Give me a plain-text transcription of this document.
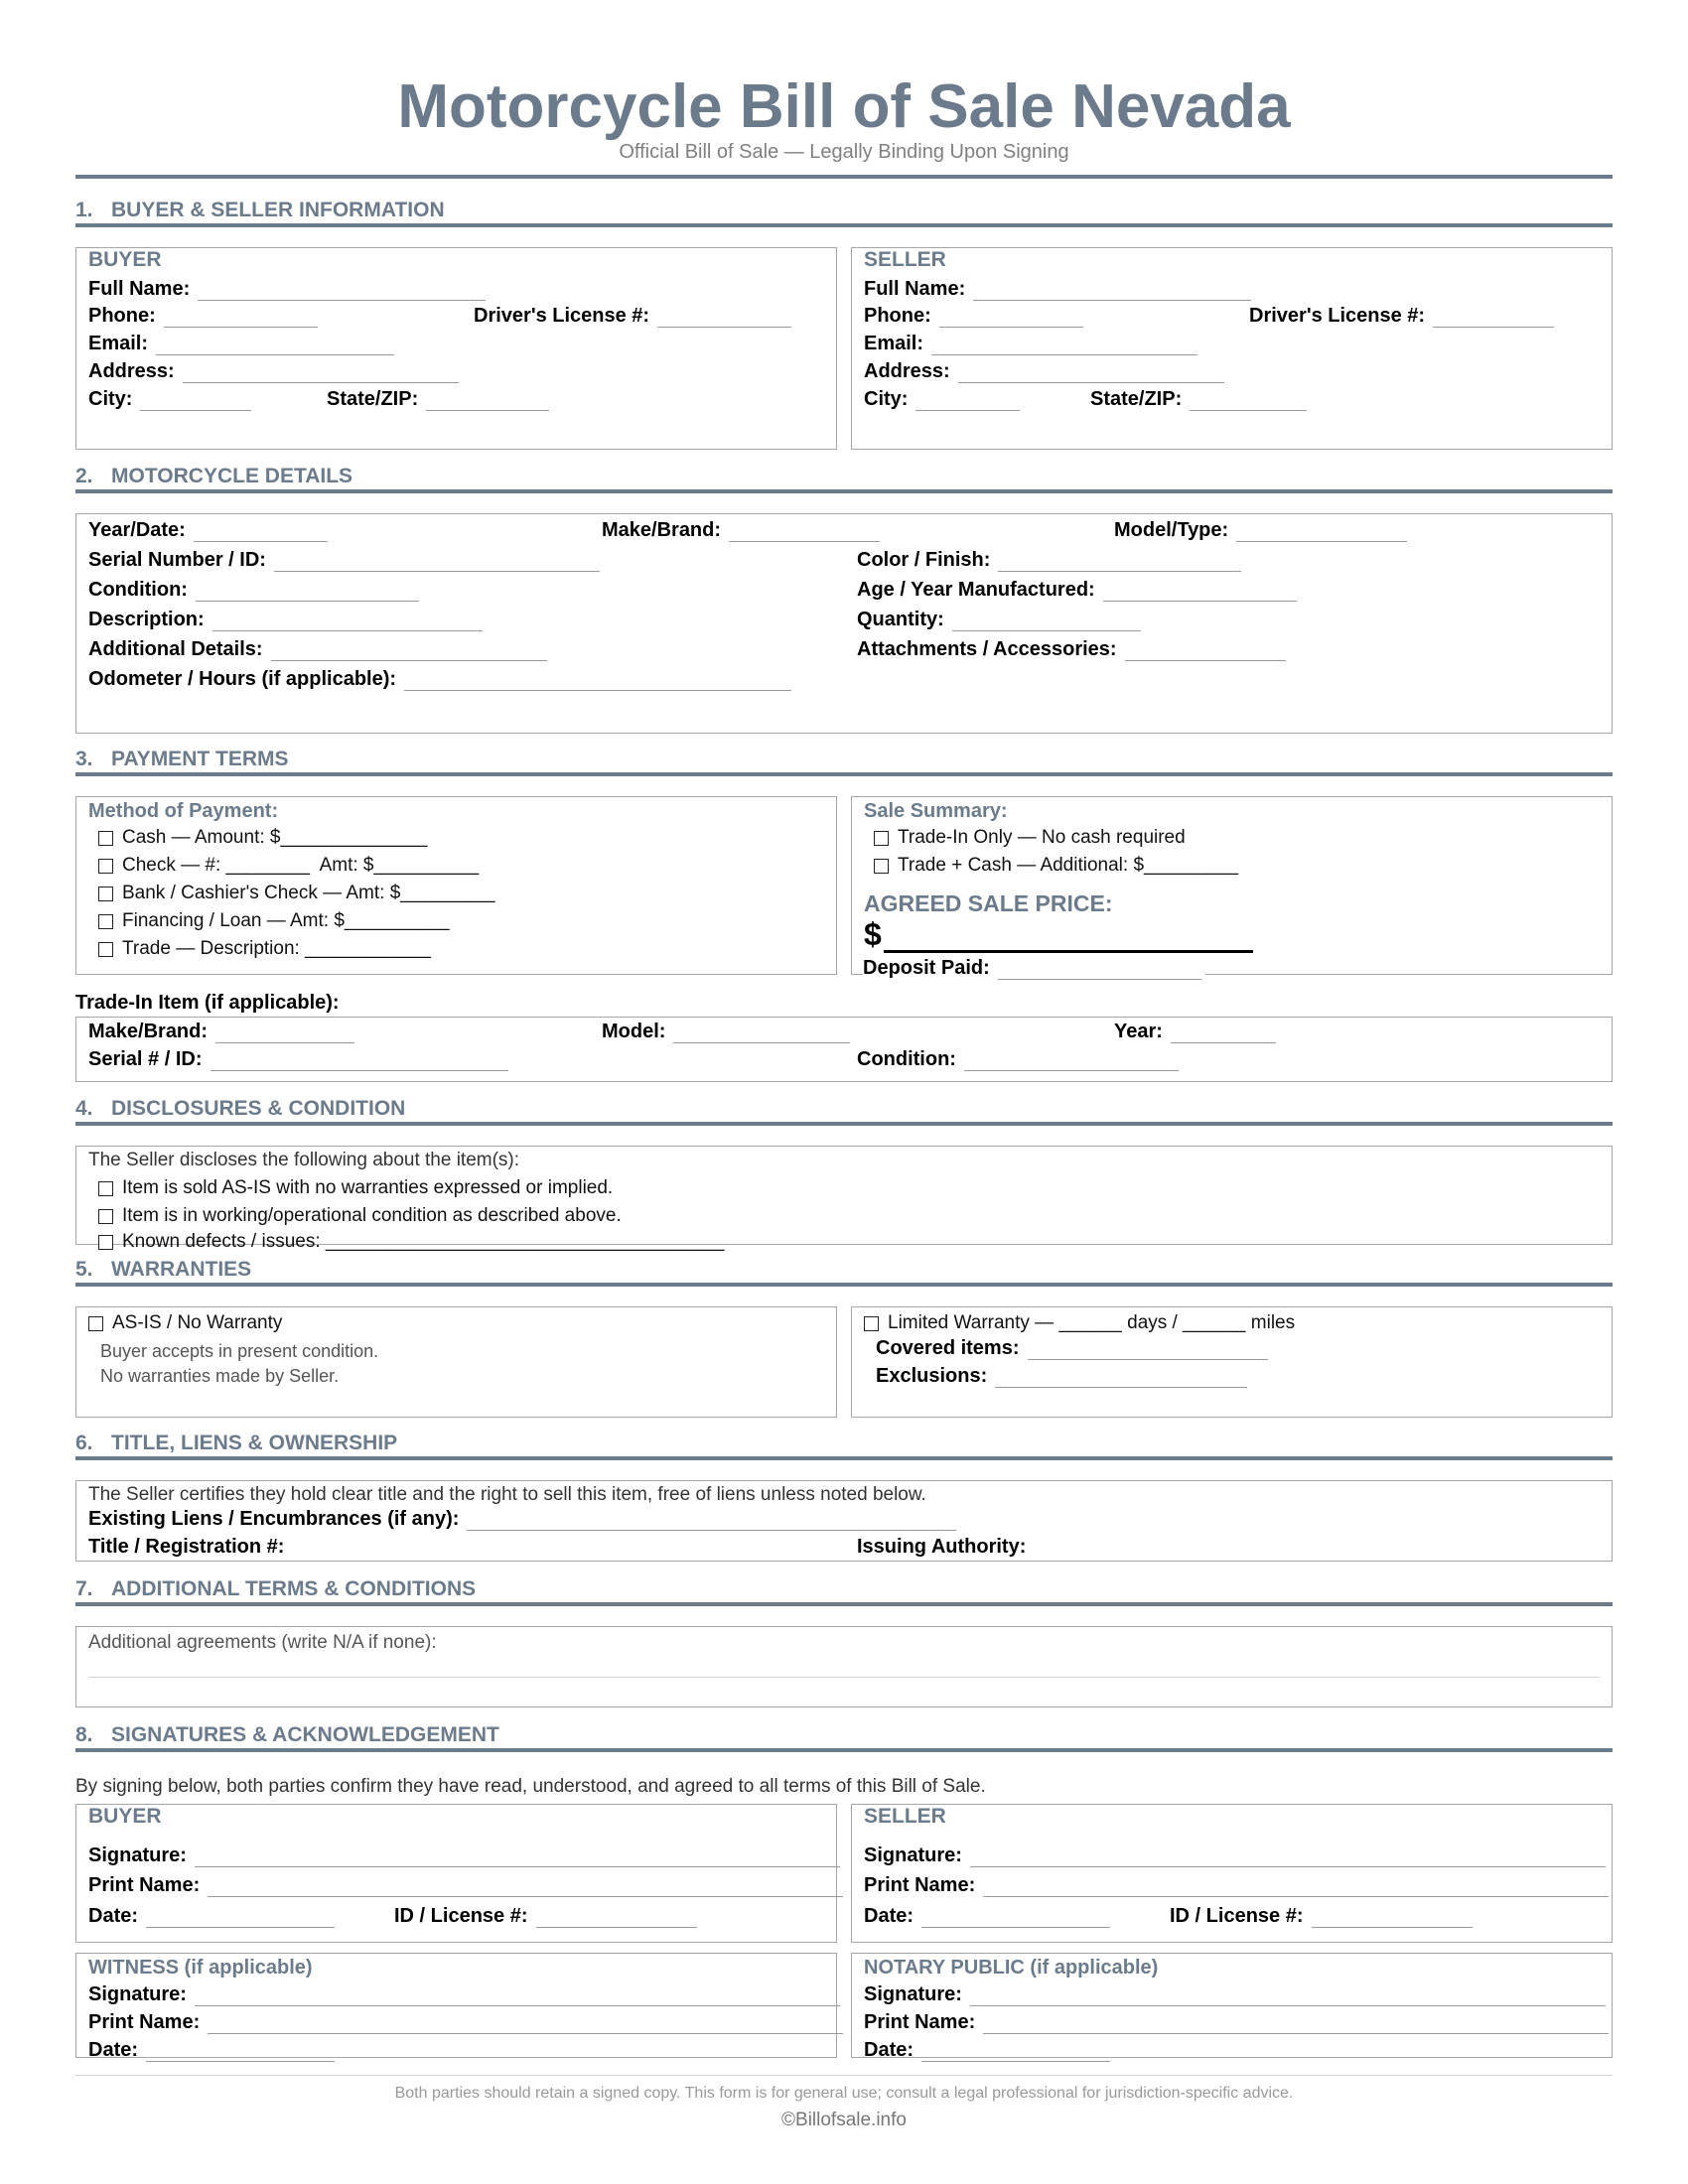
Motorcycle Bill of Sale Nevada
Official Bill of Sale — Legally Binding Upon Signing
1. BUYER & SELLER INFORMATION
BUYER
Full Name:
Phone:	Driver's License #:
Email:
Address:
City:	State/ZIP:
SELLER
Full Name:
Phone:	Driver's License #:
Email:
Address:
City:	State/ZIP:
2. MOTORCYCLE DETAILS
Year/Date:	Make/Brand:	Model/Type:
Serial Number / ID:	Color / Finish:
Condition:	Age / Year Manufactured:
Description:	Quantity:
Additional Details:	Attachments / Accessories:
Odometer / Hours (if applicable):
3. PAYMENT TERMS
Method of Payment:
Cash — Amount: $______________
Check — #: ________  Amt: $__________
Bank / Cashier's Check — Amt: $_________
Financing / Loan — Amt: $__________
Trade — Description: ____________
Sale Summary:
Trade-In Only — No cash required
Trade + Cash — Additional: $_________
AGREED SALE PRICE:
$
Deposit Paid:
Trade-In Item (if applicable):
Make/Brand:	Model:	Year:
Serial # / ID:	Condition:
4. DISCLOSURES & CONDITION
The Seller discloses the following about the item(s):
Item is sold AS-IS with no warranties expressed or implied.
Item is in working/operational condition as described above.
Known defects / issues: ______________________________________
5. WARRANTIES
AS-IS / No Warranty
Buyer accepts in present condition.
No warranties made by Seller.
Limited Warranty — ______ days / ______ miles
Covered items:
Exclusions:
6. TITLE, LIENS & OWNERSHIP
The Seller certifies they hold clear title and the right to sell this item, free of liens unless noted below.
Existing Liens / Encumbrances (if any):
Title / Registration #:	Issuing Authority:
7. ADDITIONAL TERMS & CONDITIONS
Additional agreements (write N/A if none):
8. SIGNATURES & ACKNOWLEDGEMENT
By signing below, both parties confirm they have read, understood, and agreed to all terms of this Bill of Sale.
BUYER
Signature:
Print Name:
Date:	ID / License #:
SELLER
Signature:
Print Name:
Date:	ID / License #:
WITNESS (if applicable)
Signature:
Print Name:
Date:
NOTARY PUBLIC (if applicable)
Signature:
Print Name:
Date:
Both parties should retain a signed copy. This form is for general use; consult a legal professional for jurisdiction-specific advice.
©Billofsale.info
